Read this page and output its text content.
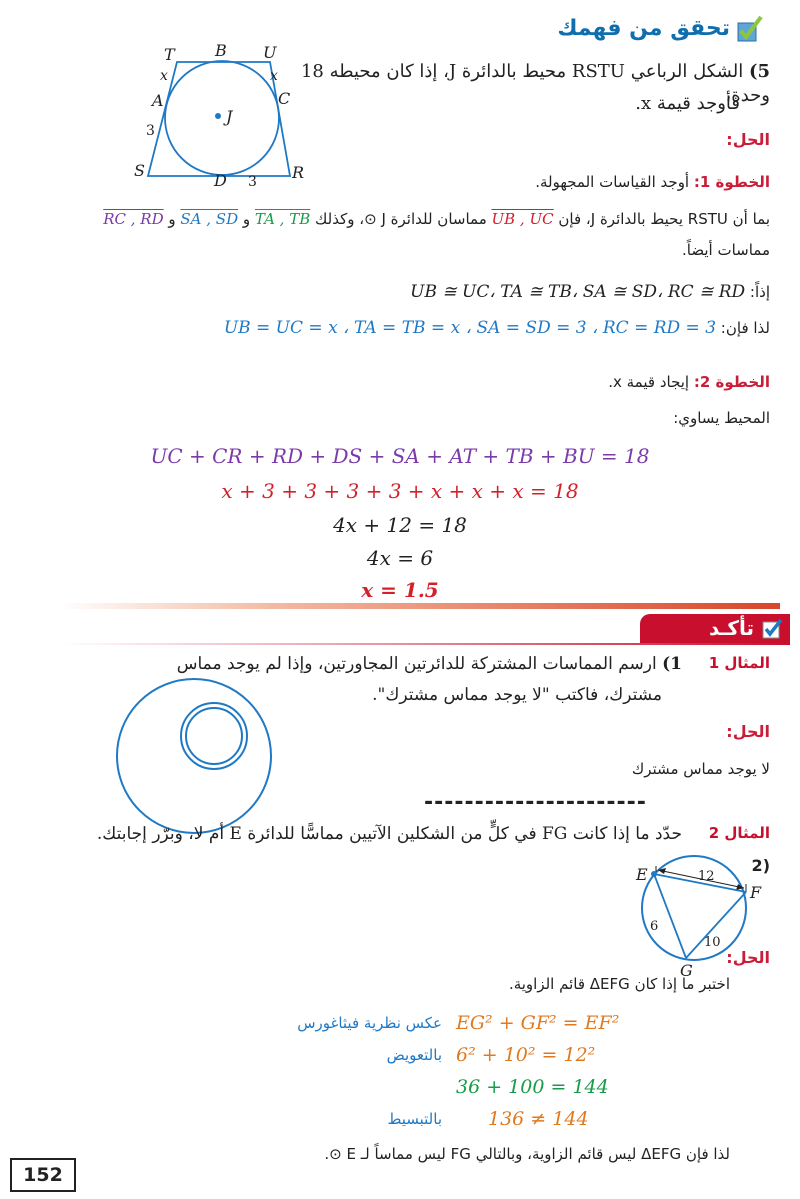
تحقق من فهمك
5) الشكل الرباعي RSTU محيط بالدائرة J، إذا كان محيطه 18 وحدة،
فأوجد قيمة x.
الحل:
T	B U
x	x
A	C
J
3
S
D 3 R	الخطوة 1: أوجد القياسات المجهولة.
بما أن RSTU يحيط بالدائرة J، فإن UB , UC مماسان للدائرة J ⊙، وكذلك TA , TB و SA , SD و RC , RD
مماسات أيضاً.
إذاً: UB ≅ UC، TA ≅ TB، SA ≅ SD، RC ≅ RD
لذا فإن: UB = UC = x ، TA = TB = x ، SA = SD = 3 ، RC = RD = 3
الخطوة 2: إيجاد قيمة x.
المحيط يساوي:
UC + CR + RD + DS + SA + AT + TB + BU = 18
x + 3 + 3 + 3 + 3 + x + x + x = 18
4x + 12 = 18
4x = 6
x = 1.5
تأكـد
المثال 1
1) ارسم المماسات المشتركة للدائرتين المجاورتين، وإذا لم يوجد مماس
مشترك، فاكتب "لا يوجد مماس مشترك".
الحل:
لا يوجد مماس مشترك
----------------------
المثال 2
حدّد ما إذا كانت FG في كلٍّ من الشكلين الآتيين مماسًّا للدائرة E أم لا، وبرّر إجابتك.
(2
E
F
G
12
6
10
الحل:
اختبر ما إذا كان ΔEFG قائم الزاوية.
EG² + GF² = EF²
عكس نظرية فيثاغورس
6² + 10² = 12²
بالتعويض
36 + 100 = 144
136 ≠ 144
بالتبسيط
لذا فإن ΔEFG ليس قائم الزاوية، وبالتالي FG ليس مماساً لـ E ⊙.
152
